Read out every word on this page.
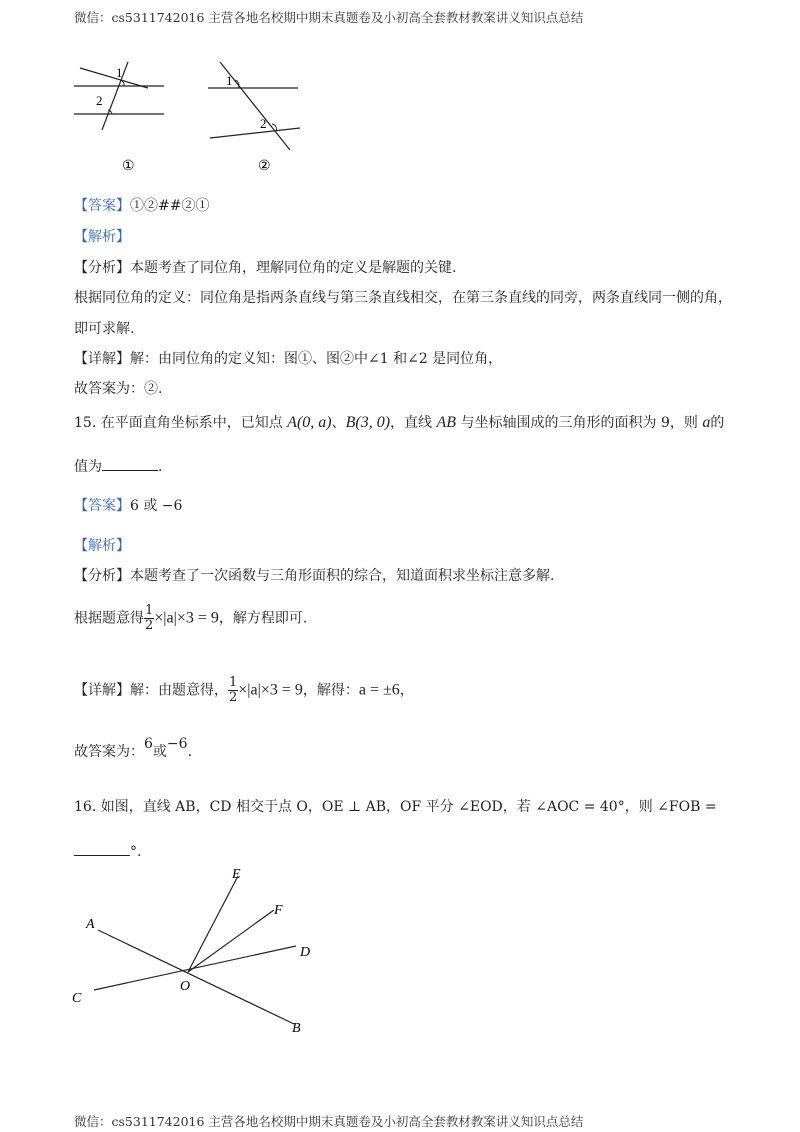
微信：cs5311742016 主营各地名校期中期末真题卷及小初高全套教材教案讲义知识点总结
1
2
①
1
2
②
【答案】①②##②①
【解析】
【分析】本题考查了同位角，理解同位角的定义是解题的关键.
根据同位角的定义：同位角是指两条直线与第三条直线相交，在第三条直线的同旁，两条直线同一侧的角，
即可求解.
【详解】解：由同位角的定义知：图①、图②中∠1 和∠2 是同位角，
故答案为：②.
15. 在平面直角坐标系中，已知点 A(0, a)、B(3, 0)，直线 AB 与坐标轴围成的三角形的面积为 9，则 a的
值为	.
【答案】6 或 −6
【解析】
【分析】本题考查了一次函数与三角形面积的综合，知道面积求坐标注意多解.
根据题意得 $\frac{1}{2} \times|a|\times 3 = 9$，解方程即可.
【详解】解：由题意得， $\frac{1}{2} \times|a|\times 3 = 9$，解得：a = ±6，
故答案为：6或−6.
16. 如图，直线 AB，CD 相交于点 O，OE ⊥ AB，OF 平分 ∠EOD，若 ∠AOC = 40°，则 ∠FOB =
°.
A
B
C
D
E
F
O
微信：cs5311742016 主营各地名校期中期末真题卷及小初高全套教材教案讲义知识点总结
